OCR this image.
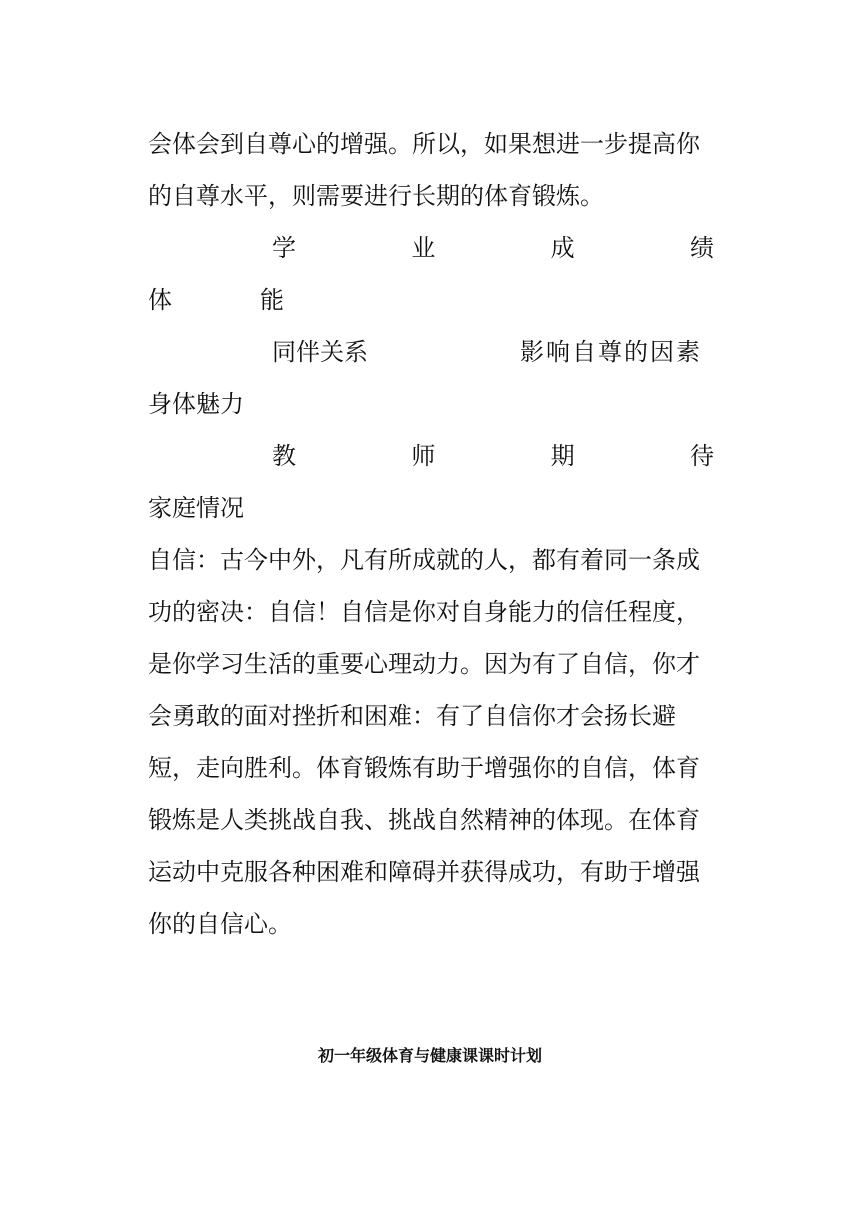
会体会到自尊心的增强。所以，如果想进一步提高你
的自尊水平，则需要进行长期的体育锻炼。
学	业	成	绩
体	能
同伴关系	影响自尊的因素
身体魅力
教	师	期	待
家庭情况
自信：古今中外，凡有所成就的人，都有着同一条成
功的密决：自信！自信是你对自身能力的信任程度，
是你学习生活的重要心理动力。因为有了自信，你才
会勇敢的面对挫折和困难：有了自信你才会扬长避
短，走向胜利。体育锻炼有助于增强你的自信，体育
锻炼是人类挑战自我、挑战自然精神的体现。在体育
运动中克服各种困难和障碍并获得成功，有助于增强
你的自信心。
初一年级体育与健康课课时计划
